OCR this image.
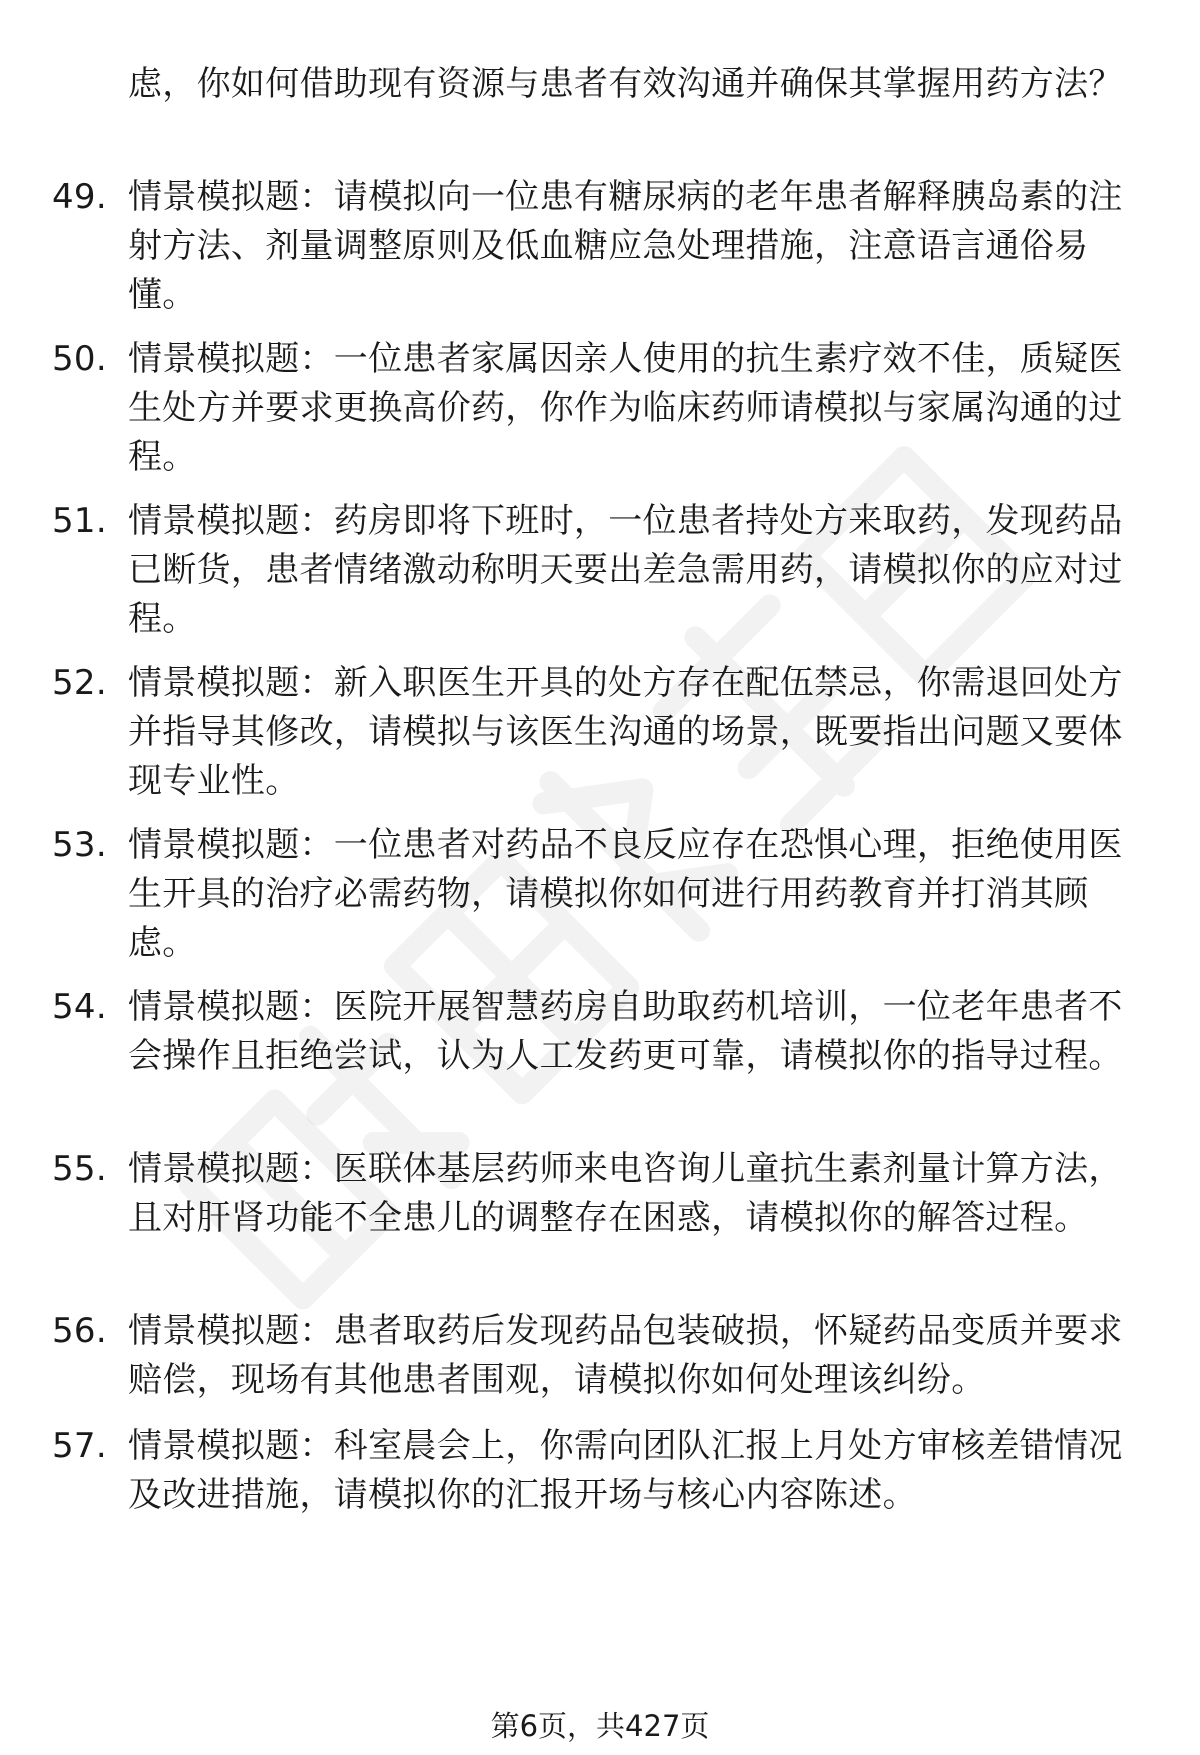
虑，你如何借助现有资源与患者有效沟通并确保其掌握用药方法？
49. 情景模拟题：请模拟向一位患有糖尿病的老年患者解释胰岛素的注射方法、剂量调整原则及低血糖应急处理措施，注意语言通俗易懂。
50. 情景模拟题：一位患者家属因亲人使用的抗生素疗效不佳，质疑医生处方并要求更换高价药，你作为临床药师请模拟与家属沟通的过程。
51. 情景模拟题：药房即将下班时，一位患者持处方来取药，发现药品已断货，患者情绪激动称明天要出差急需用药，请模拟你的应对过程。
52. 情景模拟题：新入职医生开具的处方存在配伍禁忌，你需退回处方并指导其修改，请模拟与该医生沟通的场景，既要指出问题又要体现专业性。
53. 情景模拟题：一位患者对药品不良反应存在恐惧心理，拒绝使用医生开具的治疗必需药物，请模拟你如何进行用药教育并打消其顾虑。
54. 情景模拟题：医院开展智慧药房自助取药机培训，一位老年患者不会操作且拒绝尝试，认为人工发药更可靠，请模拟你的指导过程。
55. 情景模拟题：医联体基层药师来电咨询儿童抗生素剂量计算方法，且对肝肾功能不全患儿的调整存在困惑，请模拟你的解答过程。
56. 情景模拟题：患者取药后发现药品包装破损，怀疑药品变质并要求赔偿，现场有其他患者围观，请模拟你如何处理该纠纷。
57. 情景模拟题：科室晨会上，你需向团队汇报上月处方审核差错情况及改进措施，请模拟你的汇报开场与核心内容陈述。
第6页，共427页
